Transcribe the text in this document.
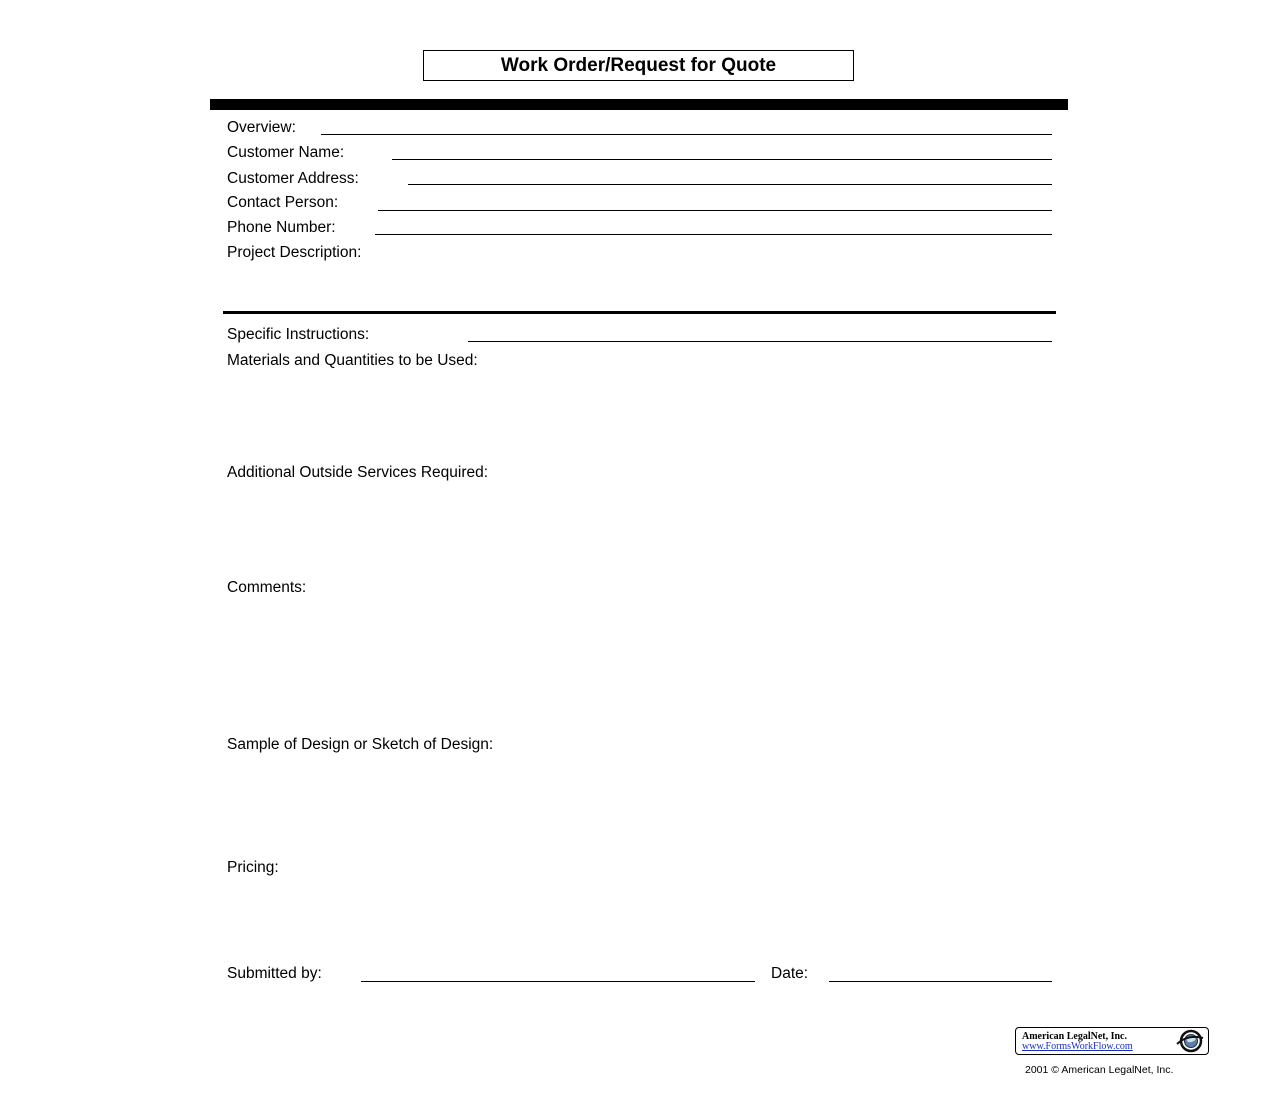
Work Order/Request for Quote
Overview:
Customer Name:
Customer Address:
Contact Person:
Phone Number:
Project Description:
Specific Instructions:
Materials and Quantities to be Used:
Additional Outside Services Required:
Comments:
Sample of Design or Sketch of Design:
Pricing:
Submitted by:	Date:
American LegalNet, Inc.
www.FormsWorkFlow.com
2001 © American LegalNet, Inc.
